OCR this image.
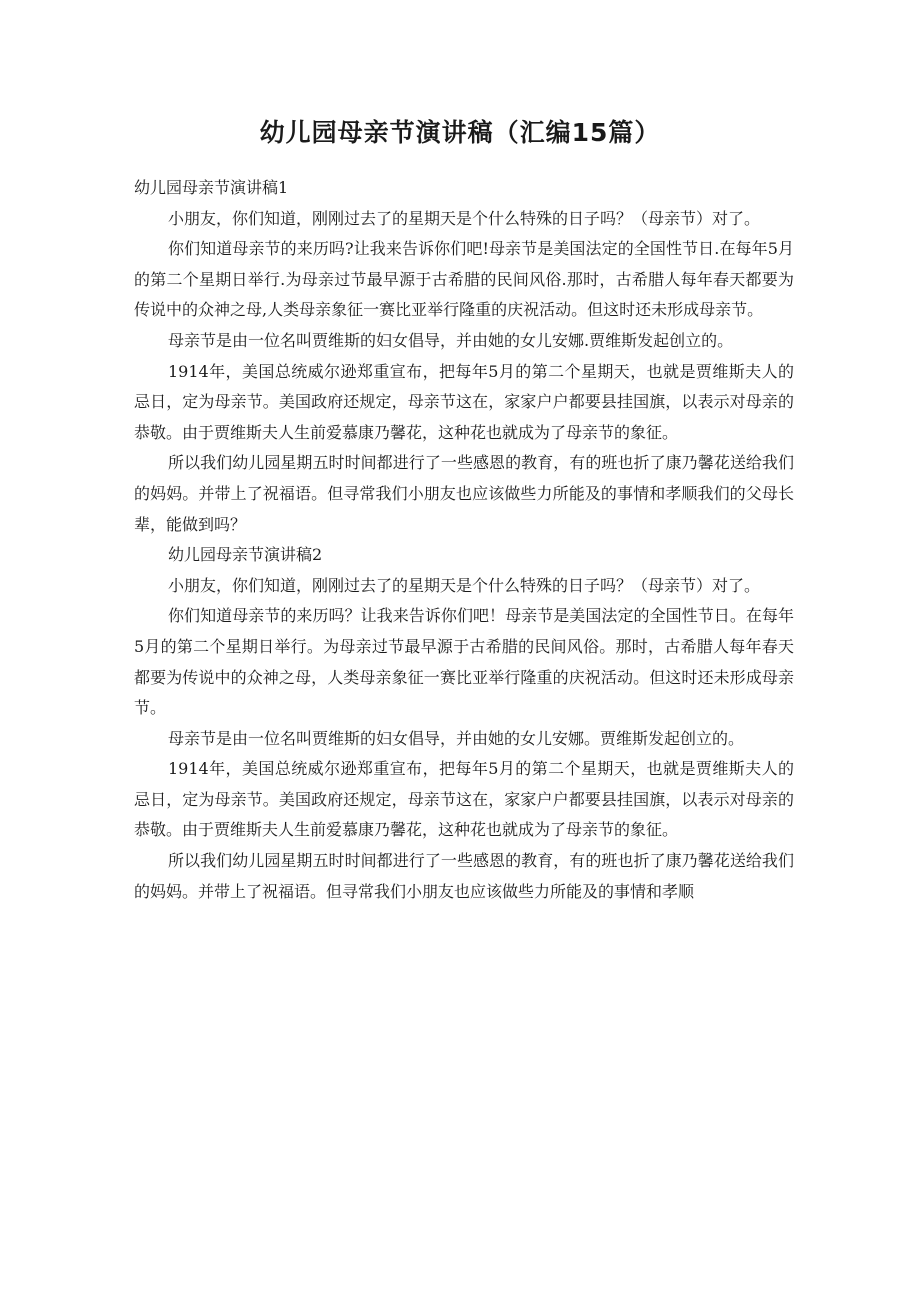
幼儿园母亲节演讲稿（汇编15篇）

幼儿园母亲节演讲稿1

小朋友，你们知道，刚刚过去了的星期天是个什么特殊的日子吗？（母亲节）对了。

你们知道母亲节的来历吗?让我来告诉你们吧!母亲节是美国法定的全国性节日.在每年5月的第二个星期日举行.为母亲过节最早源于古希腊的民间风俗.那时，古希腊人每年春天都要为传说中的众神之母,人类母亲象征一赛比亚举行隆重的庆祝活动。但这时还未形成母亲节。

母亲节是由一位名叫贾维斯的妇女倡导，并由她的女儿安娜.贾维斯发起创立的。

1914年，美国总统威尔逊郑重宣布，把每年5月的第二个星期天，也就是贾维斯夫人的忌日，定为母亲节。美国政府还规定，母亲节这在，家家户户都要县挂国旗，以表示对母亲的恭敬。由于贾维斯夫人生前爱慕康乃馨花，这种花也就成为了母亲节的象征。

所以我们幼儿园星期五时时间都进行了一些感恩的教育，有的班也折了康乃馨花送给我们的妈妈。并带上了祝福语。但寻常我们小朋友也应该做些力所能及的事情和孝顺我们的父母长辈，能做到吗？

幼儿园母亲节演讲稿2

小朋友，你们知道，刚刚过去了的星期天是个什么特殊的日子吗？（母亲节）对了。

你们知道母亲节的来历吗？让我来告诉你们吧！母亲节是美国法定的全国性节日。在每年5月的第二个星期日举行。为母亲过节最早源于古希腊的民间风俗。那时，古希腊人每年春天都要为传说中的众神之母，人类母亲象征一赛比亚举行隆重的庆祝活动。但这时还未形成母亲节。

母亲节是由一位名叫贾维斯的妇女倡导，并由她的女儿安娜。贾维斯发起创立的。

1914年，美国总统威尔逊郑重宣布，把每年5月的第二个星期天，也就是贾维斯夫人的忌日，定为母亲节。美国政府还规定，母亲节这在，家家户户都要县挂国旗，以表示对母亲的恭敬。由于贾维斯夫人生前爱慕康乃馨花，这种花也就成为了母亲节的象征。

所以我们幼儿园星期五时时间都进行了一些感恩的教育，有的班也折了康乃馨花送给我们的妈妈。并带上了祝福语。但寻常我们小朋友也应该做些力所能及的事情和孝顺
